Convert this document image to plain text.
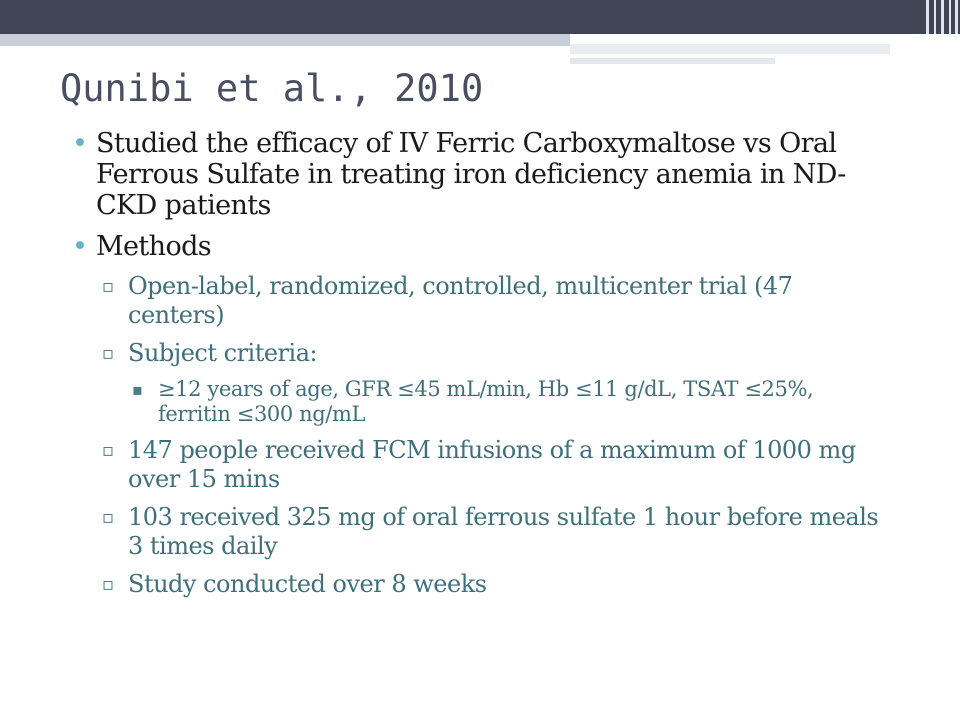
Qunibi et al., 2010
• Studied the efficacy of IV Ferric Carboxymaltose vs Oral Ferrous Sulfate in treating iron deficiency anemia in ND-CKD patients
• Methods
▫ Open-label, randomized, controlled, multicenter trial (47 centers)
▫ Subject criteria:
▪ ≥12 years of age, GFR ≤45 mL/min, Hb ≤11 g/dL, TSAT ≤25%, ferritin ≤300 ng/mL
▫ 147 people received FCM infusions of a maximum of 1000 mg over 15 mins
▫ 103 received 325 mg of oral ferrous sulfate 1 hour before meals 3 times daily
▫ Study conducted over 8 weeks
